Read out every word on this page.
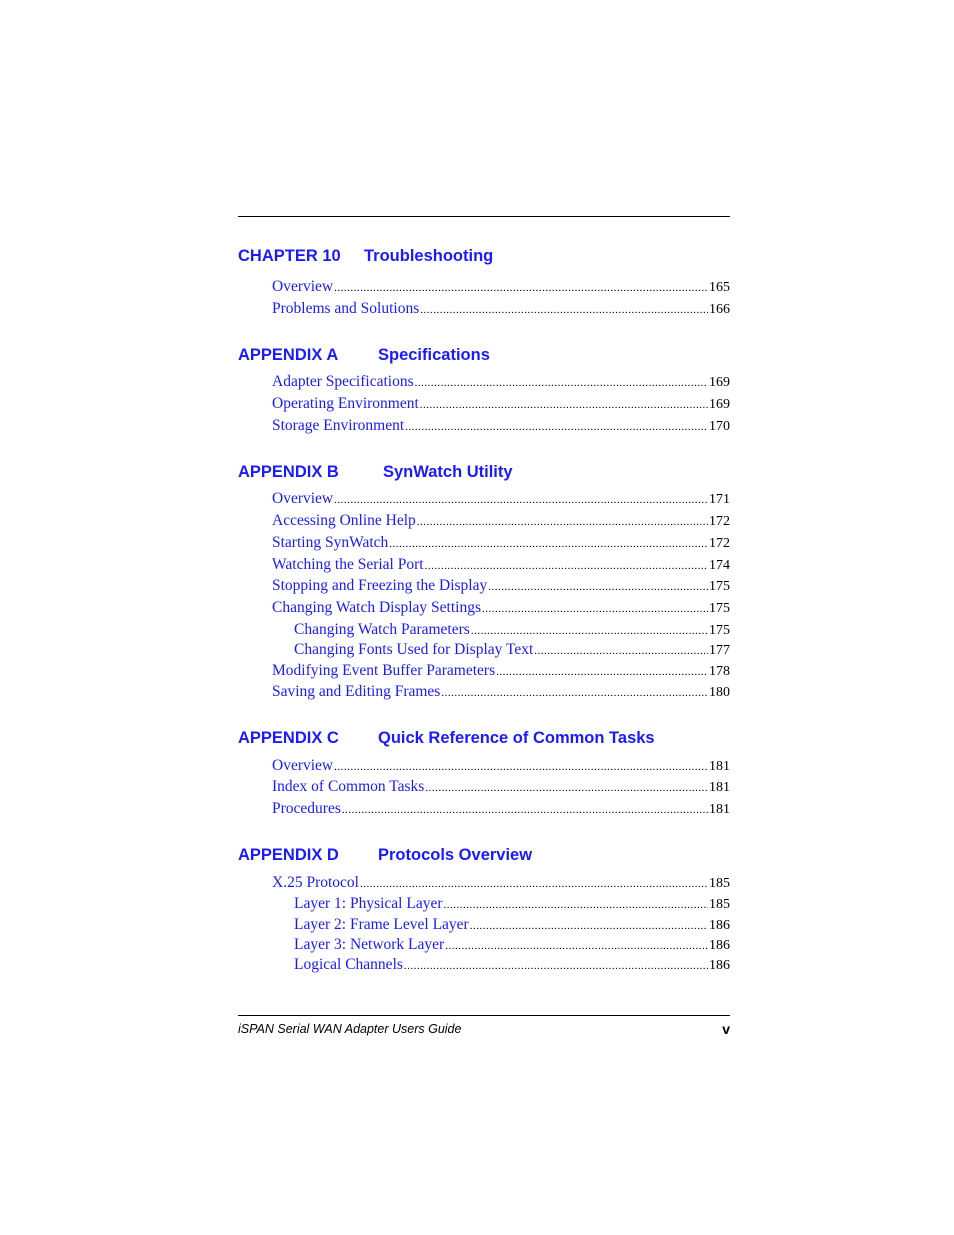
CHAPTER 10 Troubleshooting
Overview .....	165
Problems and Solutions .....	166
APPENDIX A Specifications
Adapter Specifications .....	169
Operating Environment .....	169
Storage Environment .....	170
APPENDIX B	SynWatch Utility
Overview .....	171
Accessing Online Help .....	172
Starting SynWatch .....	172
Watching the Serial Port .....	174
Stopping and Freezing the Display .....	175
Changing Watch Display Settings .....	175
Changing Watch Parameters .....	175
Changing Fonts Used for Display Text .....	177
Modifying Event Buffer Parameters .....	178
Saving and Editing Frames .....	180
APPENDIX C Quick Reference of Common Tasks
Overview .....	181
Index of Common Tasks .....	181
Procedures .....	181
APPENDIX D Protocols Overview
X.25 Protocol .....	185
Layer 1: Physical Layer .....	185
Layer 2: Frame Level Layer .....	186
Layer 3: Network Layer .....	186
Logical Channels .....	186
iSPAN Serial WAN Adapter Users Guide	v
